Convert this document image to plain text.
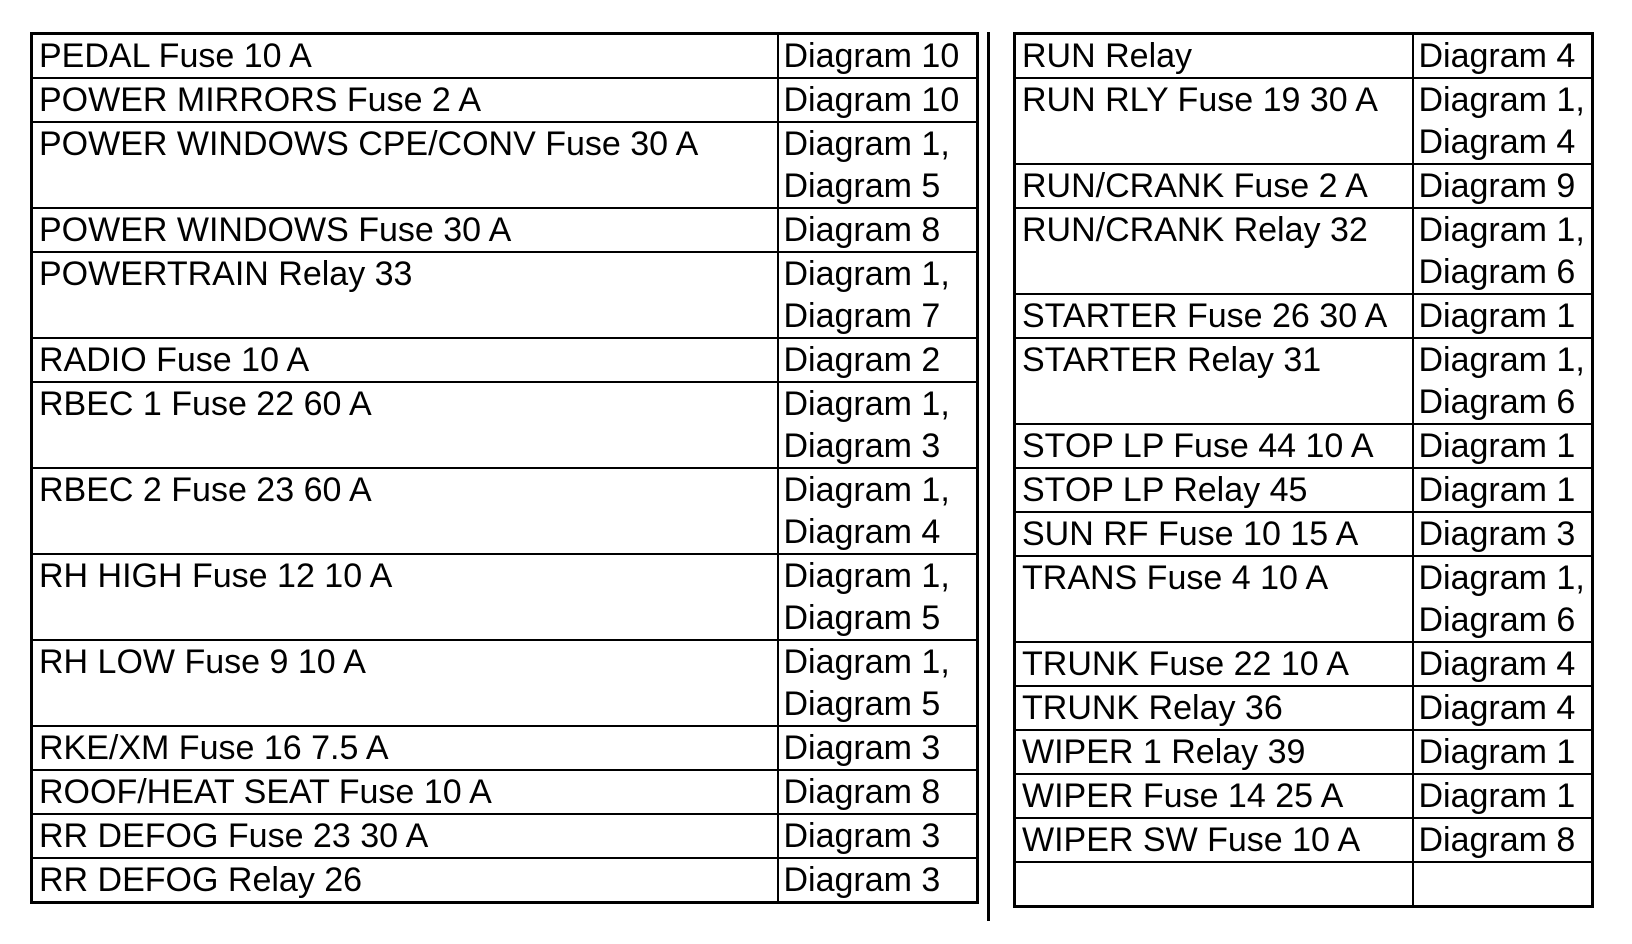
PEDAL Fuse 10 A	Diagram 10

POWER MIRRORS Fuse 2 A	Diagram 10

POWER WINDOWS CPE/CONV Fuse 30 A	Diagram 1,
Diagram 5

POWER WINDOWS Fuse 30 A	Diagram 8

POWERTRAIN Relay 33	Diagram 1,
Diagram 7

RADIO Fuse 10 A	Diagram 2

RBEC 1 Fuse 22 60 A	Diagram 1,
Diagram 3

RBEC 2 Fuse 23 60 A	Diagram 1,
Diagram 4

RH HIGH Fuse 12 10 A	Diagram 1,
Diagram 5

RH LOW Fuse 9 10 A	Diagram 1,
Diagram 5

RKE/XM Fuse 16 7.5 A	Diagram 3

ROOF/HEAT SEAT Fuse 10 A	Diagram 8

RR DEFOG Fuse 23 30 A	Diagram 3

RR DEFOG Relay 26	Diagram 3
RUN Relay	Diagram 4

RUN RLY Fuse 19 30 A	Diagram 1,
Diagram 4

RUN/CRANK Fuse 2 A	Diagram 9

RUN/CRANK Relay 32	Diagram 1,
Diagram 6

STARTER Fuse 26 30 A	Diagram 1

STARTER Relay 31	Diagram 1,
Diagram 6

STOP LP Fuse 44 10 A	Diagram 1

STOP LP Relay 45	Diagram 1

SUN RF Fuse 10 15 A	Diagram 3

TRANS Fuse 4 10 A	Diagram 1,
Diagram 6

TRUNK Fuse 22 10 A	Diagram 4

TRUNK Relay 36	Diagram 4

WIPER 1 Relay 39	Diagram 1

WIPER Fuse 14 25 A	Diagram 1

WIPER SW Fuse 10 A	Diagram 8
